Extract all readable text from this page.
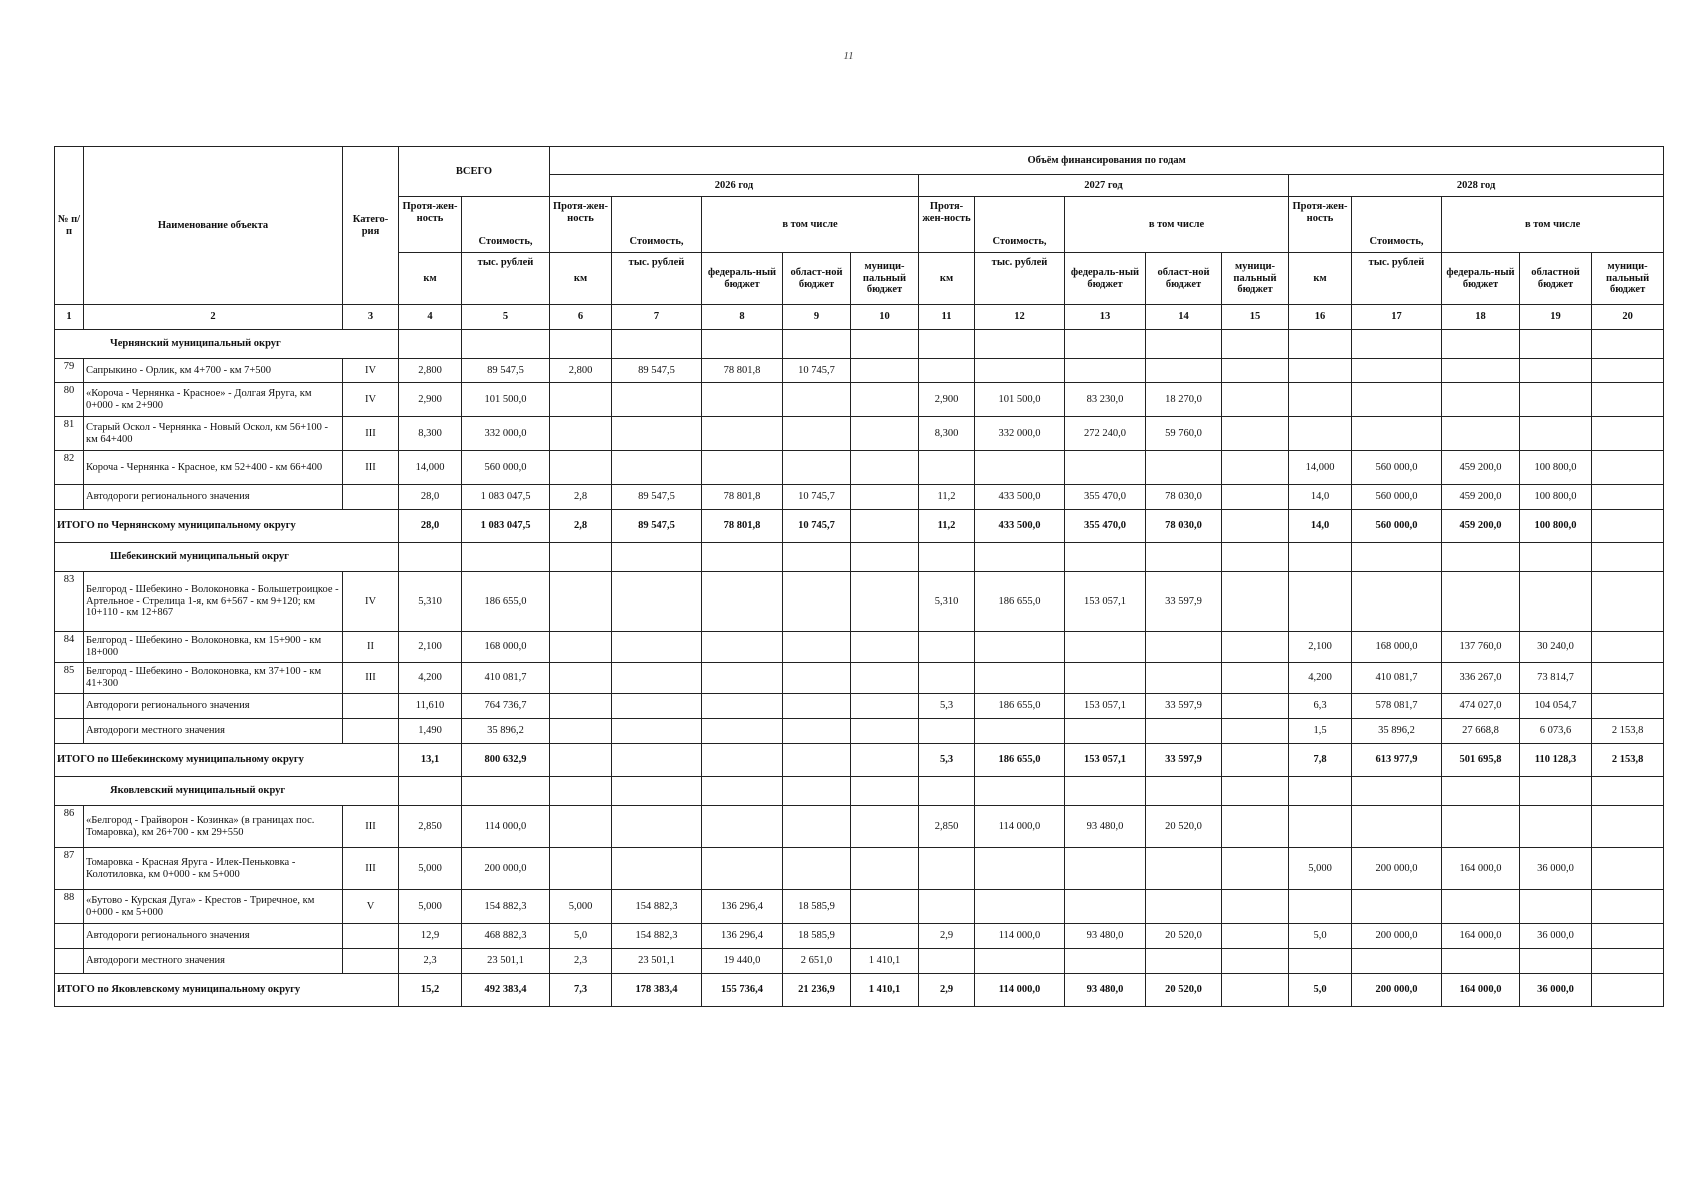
11
№ п/п	Наименование объекта	Катего-рия	ВСЕГО		Объём финансирования по годам														
					2026 год					2027 год					2028 год				
			Протя-жен-ность	Стоимость,	Протя-жен-ность	Стоимость,	в том числе			Протя-жен-ность	Стоимость,	в том числе			Протя-жен-ность	Стоимость,	в том числе		
			км	тыс. рублей	км	тыс. рублей	федераль-ный бюджет	област-ной бюджет	муници-пальный бюджет	км	тыс. рублей	федераль-ный бюджет	област-ной бюджет	муници-пальный бюджет	км	тыс. рублей	федераль-ный бюджет	областной бюджет	муници-пальный бюджет
1	2	3	4	5	6	7	8	9	10	11	12	13	14	15	16	17	18	19	20
Чернянский муниципальный округ																			
79	Сапрыкино - Орлик, км 4+700 - км 7+500	IV	2,800	89 547,5	2,800	89 547,5	78 801,8	10 745,7											
80	«Короча - Чернянка - Красное» - Долгая Яруга, км 0+000 - км 2+900	IV	2,900	101 500,0						2,900	101 500,0	83 230,0	18 270,0						
81	Старый Оскол - Чернянка - Новый Оскол, км 56+100 - км 64+400	III	8,300	332 000,0						8,300	332 000,0	272 240,0	59 760,0						
82	Короча - Чернянка - Красное, км 52+400 - км 66+400	III	14,000	560 000,0											14,000	560 000,0	459 200,0	100 800,0	
	Автодороги регионального значения		28,0	1 083 047,5	2,8	89 547,5	78 801,8	10 745,7		11,2	433 500,0	355 470,0	78 030,0		14,0	560 000,0	459 200,0	100 800,0	
ИТОГО по Чернянскому муниципальному округу			28,0	1 083 047,5	2,8	89 547,5	78 801,8	10 745,7		11,2	433 500,0	355 470,0	78 030,0		14,0	560 000,0	459 200,0	100 800,0	
Шебекинский муниципальный округ																			
83	Белгород - Шебекино - Волоконовка - Большетроицкое - Артельное - Стрелица 1-я, км 6+567 - км 9+120; км 10+110 - км 12+867	IV	5,310	186 655,0						5,310	186 655,0	153 057,1	33 597,9						
84	Белгород - Шебекино - Волоконовка, км 15+900 - км 18+000	II	2,100	168 000,0											2,100	168 000,0	137 760,0	30 240,0	
85	Белгород - Шебекино - Волоконовка, км 37+100 - км 41+300	III	4,200	410 081,7											4,200	410 081,7	336 267,0	73 814,7	
	Автодороги регионального значения		11,610	764 736,7						5,3	186 655,0	153 057,1	33 597,9		6,3	578 081,7	474 027,0	104 054,7	
	Автодороги местного значения		1,490	35 896,2											1,5	35 896,2	27 668,8	6 073,6	2 153,8
ИТОГО по Шебекинскому муниципальному округу			13,1	800 632,9						5,3	186 655,0	153 057,1	33 597,9		7,8	613 977,9	501 695,8	110 128,3	2 153,8
Яковлевский муниципальный округ																			
86	«Белгород - Грайворон - Козинка» (в границах пос. Томаровка), км 26+700 - км 29+550	III	2,850	114 000,0						2,850	114 000,0	93 480,0	20 520,0						
87	Томаровка - Красная Яруга - Илек-Пеньковка - Колотиловка, км 0+000 - км 5+000	III	5,000	200 000,0											5,000	200 000,0	164 000,0	36 000,0	
88	«Бутово - Курская Дуга» - Крестов - Триречное, км 0+000 - км 5+000	V	5,000	154 882,3	5,000	154 882,3	136 296,4	18 585,9											
	Автодороги регионального значения		12,9	468 882,3	5,0	154 882,3	136 296,4	18 585,9		2,9	114 000,0	93 480,0	20 520,0		5,0	200 000,0	164 000,0	36 000,0	
	Автодороги местного значения		2,3	23 501,1	2,3	23 501,1	19 440,0	2 651,0	1 410,1										
ИТОГО по Яковлевскому муниципальному округу			15,2	492 383,4	7,3	178 383,4	155 736,4	21 236,9	1 410,1	2,9	114 000,0	93 480,0	20 520,0		5,0	200 000,0	164 000,0	36 000,0	
